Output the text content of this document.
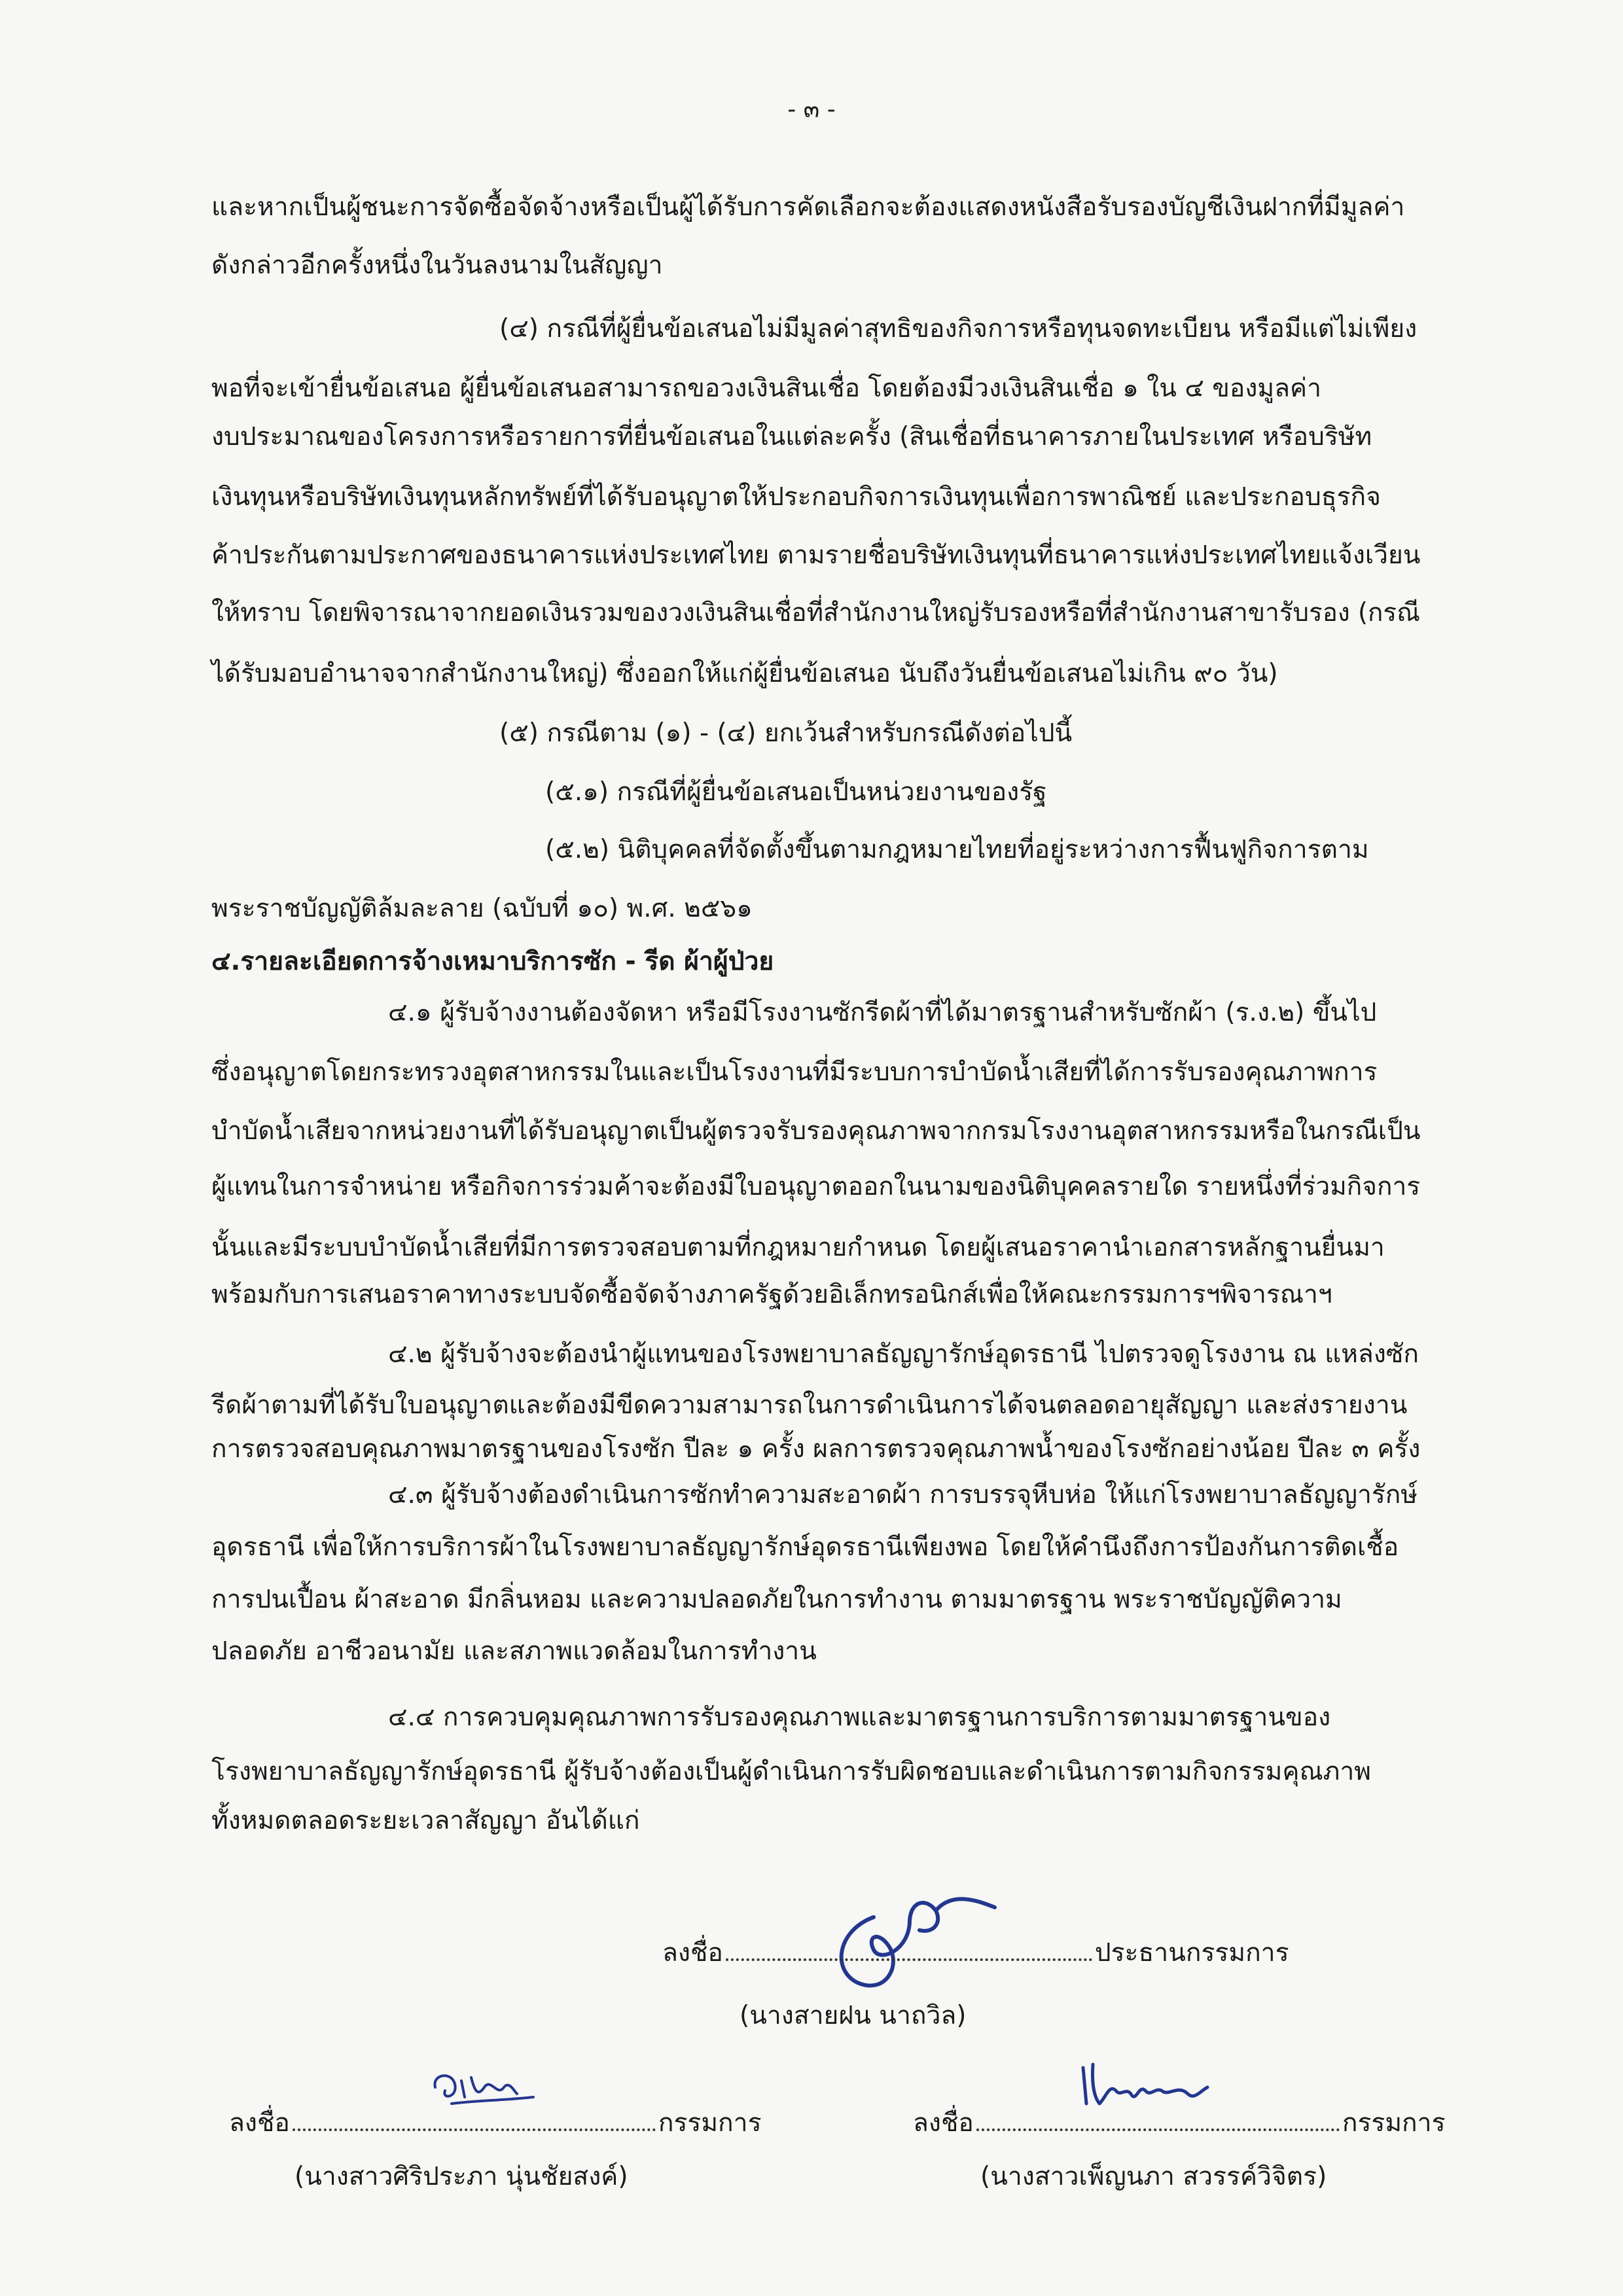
- ๓ -

และหากเป็นผู้ชนะการจัดซื้อจัดจ้างหรือเป็นผู้ได้รับการคัดเลือกจะต้องแสดงหนังสือรับรองบัญชีเงินฝากที่มีมูลค่า

ดังกล่าวอีกครั้งหนึ่งในวันลงนามในสัญญา

(๔) กรณีที่ผู้ยื่นข้อเสนอไม่มีมูลค่าสุทธิของกิจการหรือทุนจดทะเบียน หรือมีแต่ไม่เพียง

พอที่จะเข้ายื่นข้อเสนอ ผู้ยื่นข้อเสนอสามารถขอวงเงินสินเชื่อ โดยต้องมีวงเงินสินเชื่อ ๑ ใน ๔ ของมูลค่า

งบประมาณของโครงการหรือรายการที่ยื่นข้อเสนอในแต่ละครั้ง (สินเชื่อที่ธนาคารภายในประเทศ หรือบริษัท

เงินทุนหรือบริษัทเงินทุนหลักทรัพย์ที่ได้รับอนุญาตให้ประกอบกิจการเงินทุนเพื่อการพาณิชย์ และประกอบธุรกิจ

ค้าประกันตามประกาศของธนาคารแห่งประเทศไทย ตามรายชื่อบริษัทเงินทุนที่ธนาคารแห่งประเทศไทยแจ้งเวียน

ให้ทราบ โดยพิจารณาจากยอดเงินรวมของวงเงินสินเชื่อที่สำนักงานใหญ่รับรองหรือที่สำนักงานสาขารับรอง (กรณี

ได้รับมอบอำนาจจากสำนักงานใหญ่) ซึ่งออกให้แก่ผู้ยื่นข้อเสนอ นับถึงวันยื่นข้อเสนอไม่เกิน ๙๐ วัน)

(๕) กรณีตาม (๑) - (๔) ยกเว้นสำหรับกรณีดังต่อไปนี้

(๕.๑) กรณีที่ผู้ยื่นข้อเสนอเป็นหน่วยงานของรัฐ

(๕.๒) นิติบุคคลที่จัดตั้งขึ้นตามกฎหมายไทยที่อยู่ระหว่างการฟื้นฟูกิจการตาม

พระราชบัญญัติล้มละลาย (ฉบับที่ ๑๐) พ.ศ. ๒๕๖๑

๔.รายละเอียดการจ้างเหมาบริการซัก - รีด ผ้าผู้ป่วย

๔.๑ ผู้รับจ้างงานต้องจัดหา หรือมีโรงงานซักรีดผ้าที่ได้มาตรฐานสำหรับซักผ้า (ร.ง.๒) ขึ้นไป

ซึ่งอนุญาตโดยกระทรวงอุตสาหกรรมในและเป็นโรงงานที่มีระบบการบำบัดน้ำเสียที่ได้การรับรองคุณภาพการ

บำบัดน้ำเสียจากหน่วยงานที่ได้รับอนุญาตเป็นผู้ตรวจรับรองคุณภาพจากกรมโรงงานอุตสาหกรรมหรือในกรณีเป็น

ผู้แทนในการจำหน่าย หรือกิจการร่วมค้าจะต้องมีใบอนุญาตออกในนามของนิติบุคคลรายใด รายหนึ่งที่ร่วมกิจการ

นั้นและมีระบบบำบัดน้ำเสียที่มีการตรวจสอบตามที่กฎหมายกำหนด โดยผู้เสนอราคานำเอกสารหลักฐานยื่นมา

พร้อมกับการเสนอราคาทางระบบจัดซื้อจัดจ้างภาครัฐด้วยอิเล็กทรอนิกส์เพื่อให้คณะกรรมการฯพิจารณาฯ

๔.๒ ผู้รับจ้างจะต้องนำผู้แทนของโรงพยาบาลธัญญารักษ์อุดรธานี ไปตรวจดูโรงงาน ณ แหล่งซัก

รีดผ้าตามที่ได้รับใบอนุญาตและต้องมีขีดความสามารถในการดำเนินการได้จนตลอดอายุสัญญา และส่งรายงาน

การตรวจสอบคุณภาพมาตรฐานของโรงซัก ปีละ ๑ ครั้ง ผลการตรวจคุณภาพน้ำของโรงซักอย่างน้อย ปีละ ๓ ครั้ง

๔.๓ ผู้รับจ้างต้องดำเนินการซักทำความสะอาดผ้า การบรรจุหีบห่อ ให้แก่โรงพยาบาลธัญญารักษ์

อุดรธานี เพื่อให้การบริการผ้าในโรงพยาบาลธัญญารักษ์อุดรธานีเพียงพอ โดยให้คำนึงถึงการป้องกันการติดเชื้อ

การปนเปื้อน ผ้าสะอาด มีกลิ่นหอม และความปลอดภัยในการทำงาน ตามมาตรฐาน พระราชบัญญัติความ

ปลอดภัย อาชีวอนามัย และสภาพแวดล้อมในการทำงาน

๔.๔ การควบคุมคุณภาพการรับรองคุณภาพและมาตรฐานการบริการตามมาตรฐานของ

โรงพยาบาลธัญญารักษ์อุดรธานี ผู้รับจ้างต้องเป็นผู้ดำเนินการรับผิดชอบและดำเนินการตามกิจกรรมคุณภาพ

ทั้งหมดตลอดระยะเวลาสัญญา อันได้แก่

ลงชื่อ	ประธานกรรมการ

(นางสายฝน นาถวิล)

ลงชื่อ	กรรมการ

(นางสาวศิริประภา นุ่นชัยสงค์)

ลงชื่อ	กรรมการ

(นางสาวเพ็ญนภา สวรรค์วิจิตร)
